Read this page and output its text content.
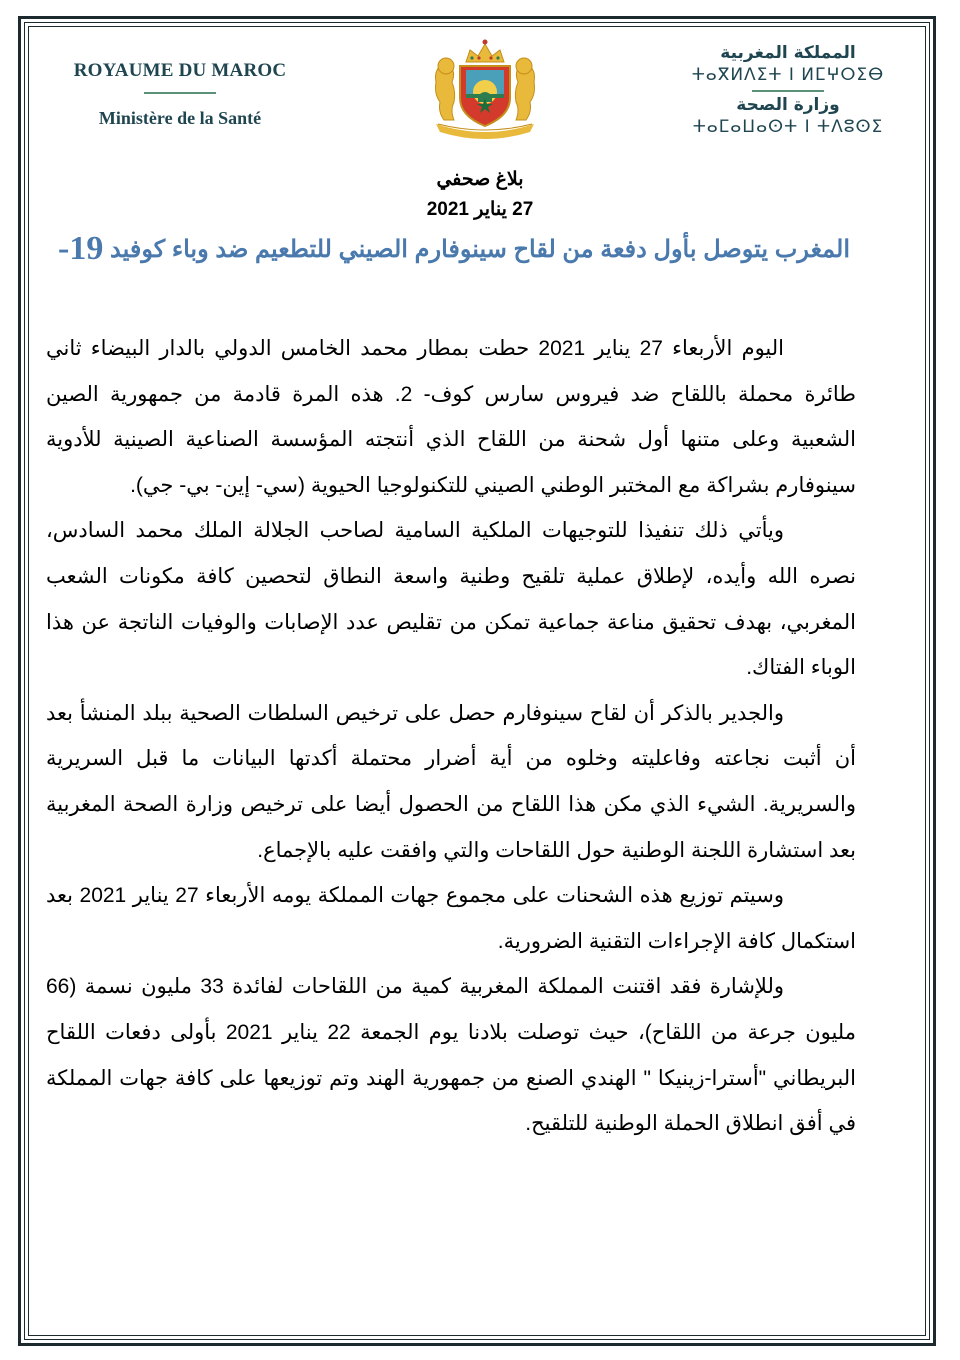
ROYAUME DU MAROC
Ministère de la Santé
المملكة المغربية
ⵜⴰⴳⵍⴷⵉⵜ ⵏ ⵍⵎⵖⵔⵉⴱ
وزارة الصحة
ⵜⴰⵎⴰⵡⴰⵙⵜ ⵏ ⵜⴷⵓⵙⵉ
بلاغ صحفي
27 يناير 2021
المغرب يتوصل بأول دفعة من لقاح سينوفارم الصيني للتطعيم ضد وباء كوفيد 19-

اليوم الأربعاء 27 يناير 2021 حطت بمطار محمد الخامس الدولي بالدار البيضاء ثاني طائرة محملة باللقاح ضد فيروس سارس كوف- 2. هذه المرة قادمة من جمهورية الصين الشعبية وعلى متنها أول شحنة من اللقاح الذي أنتجته المؤسسة الصناعية الصينية للأدوية سينوفارم بشراكة مع المختبر الوطني الصيني للتكنولوجيا الحيوية (سي- إين- بي- جي).

ويأتي ذلك تنفيذا للتوجيهات الملكية السامية لصاحب الجلالة الملك محمد السادس، نصره الله وأيده، لإطلاق عملية تلقيح وطنية واسعة النطاق لتحصين كافة مكونات الشعب المغربي، بهدف تحقيق مناعة جماعية تمكن من تقليص عدد الإصابات والوفيات الناتجة عن هذا الوباء الفتاك.

والجدير بالذكر أن لقاح سينوفارم حصل على ترخيص السلطات الصحية ببلد المنشأ بعد أن أثبت نجاعته وفاعليته وخلوه من أية أضرار محتملة أكدتها البيانات ما قبل السريرية والسريرية. الشيء الذي مكن هذا اللقاح من الحصول أيضا على ترخيص وزارة الصحة المغربية بعد استشارة اللجنة الوطنية حول اللقاحات والتي وافقت عليه بالإجماع.

وسيتم توزيع هذه الشحنات على مجموع جهات المملكة يومه الأربعاء 27 يناير 2021 بعد استكمال كافة الإجراءات التقنية الضرورية.

وللإشارة فقد اقتنت المملكة المغربية كمية من اللقاحات لفائدة 33 مليون نسمة (66 مليون جرعة من اللقاح)، حيث توصلت بلادنا يوم الجمعة 22 يناير 2021 بأولى دفعات اللقاح البريطاني "أسترا-زينيكا " الهندي الصنع من جمهورية الهند وتم توزيعها على كافة جهات المملكة في أفق انطلاق الحملة الوطنية للتلقيح.
